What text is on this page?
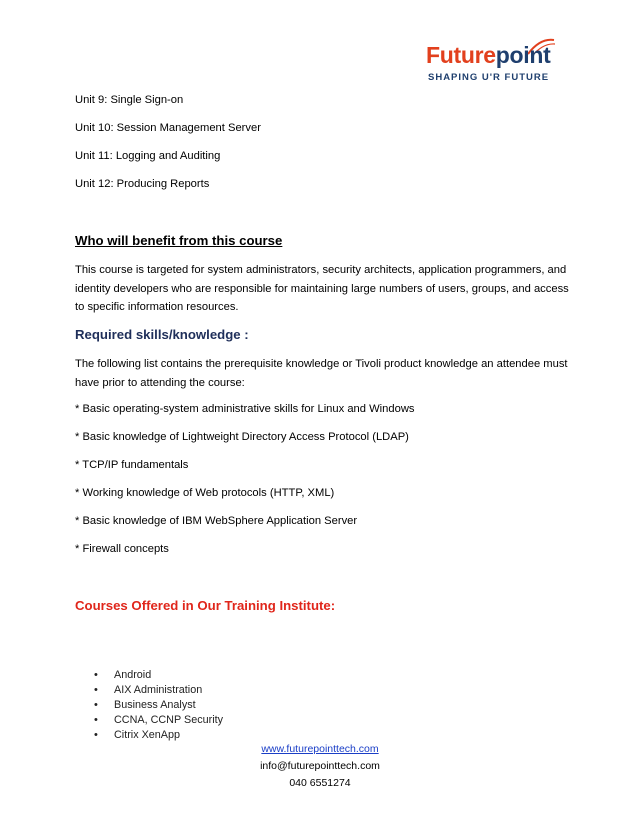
Futurepoint
SHAPING U'R FUTURE
Unit 9: Single Sign-on
Unit 10: Session Management Server
Unit 11: Logging and Auditing
Unit 12: Producing Reports
Who will benefit from this course
This course is targeted for system administrators, security architects, application programmers, and identity developers who are responsible for maintaining large numbers of users, groups, and access to specific information resources.
Required skills/knowledge :
The following list contains the prerequisite knowledge or Tivoli product knowledge an attendee must have prior to attending the course:
* Basic operating-system administrative skills for Linux and Windows
* Basic knowledge of Lightweight Directory Access Protocol (LDAP)
* TCP/IP fundamentals
* Working knowledge of Web protocols (HTTP, XML)
* Basic knowledge of IBM WebSphere Application Server
* Firewall concepts
Courses Offered in Our Training Institute:
• Android
• AIX Administration
• Business Analyst
• CCNA, CCNP Security
• Citrix XenApp
www.futurepointtech.com
info@futurepointtech.com
040 6551274
